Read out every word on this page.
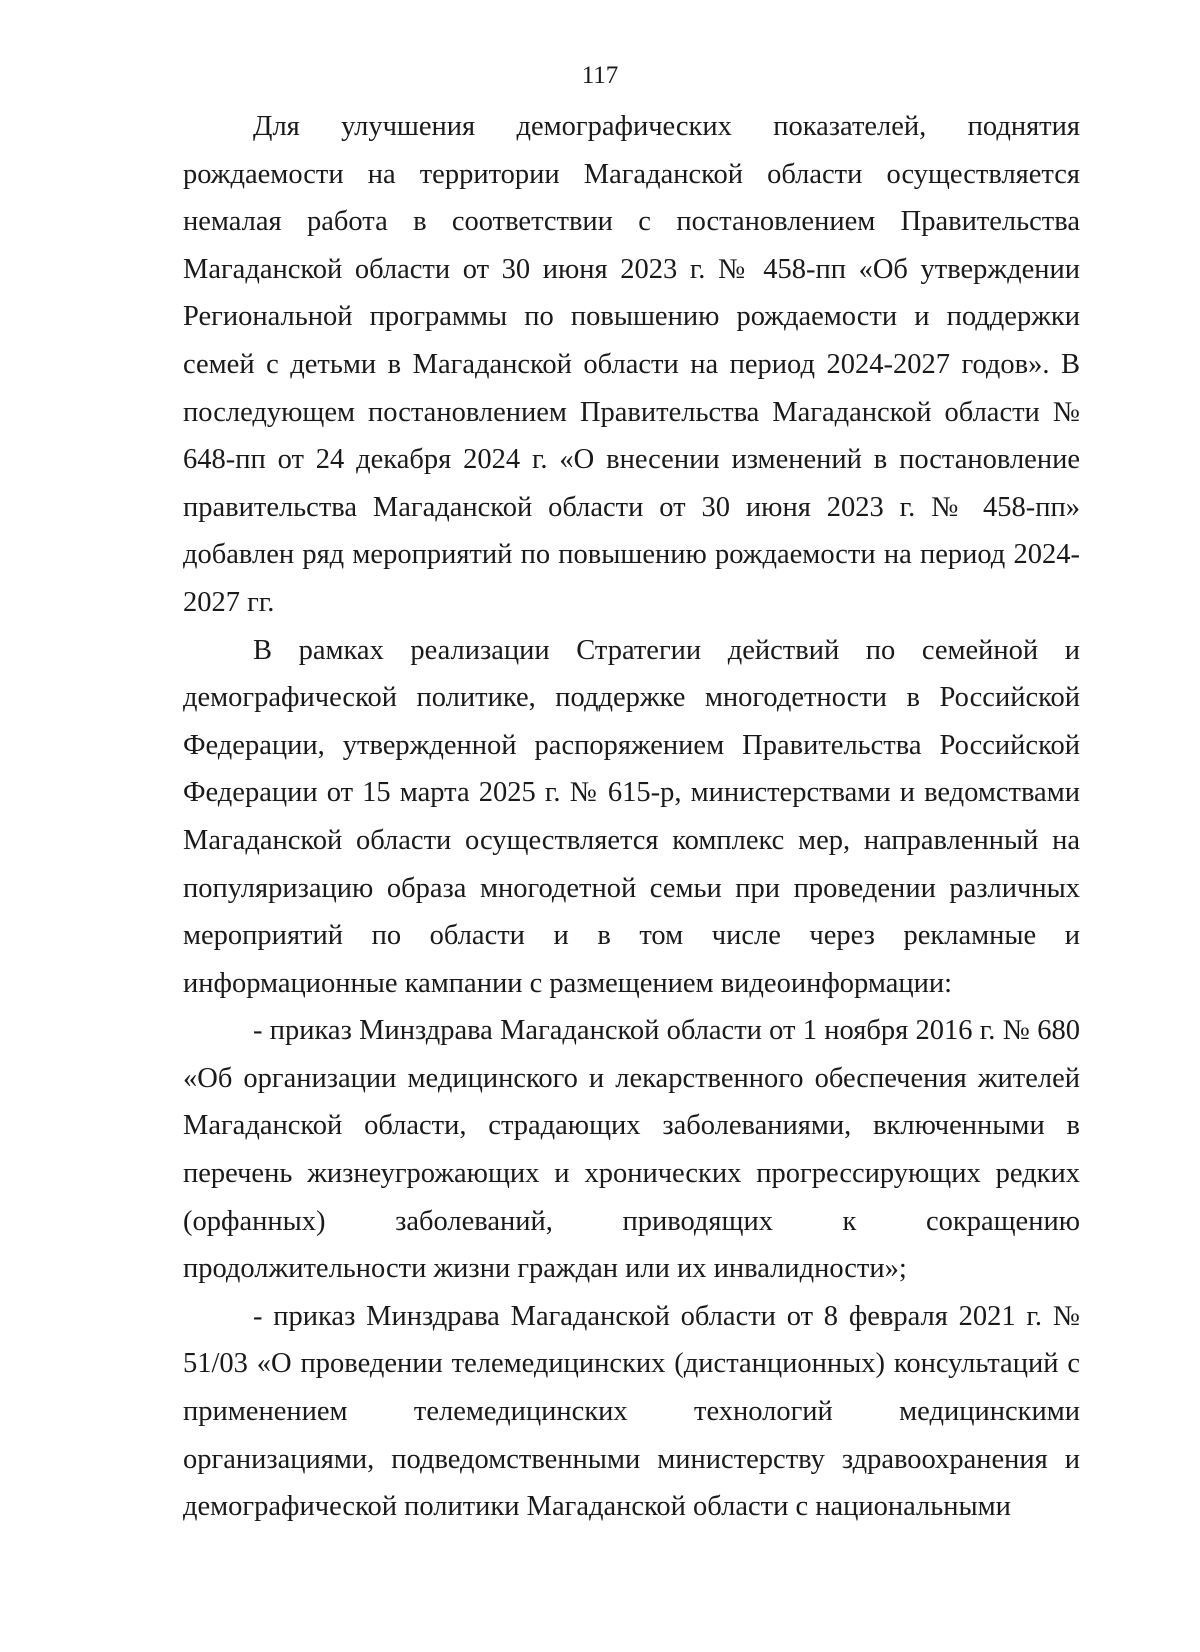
117

Для улучшения демографических показателей, поднятия рождаемости на территории Магаданской области осуществляется немалая работа в соответствии с постановлением Правительства Магаданской области от 30 июня 2023 г. № 458-пп «Об утверждении Региональной программы по повышению рождаемости и поддержки семей с детьми в Магаданской области на период 2024-2027 годов». В последующем постановлением Правительства Магаданской области № 648-пп от 24 декабря 2024 г. «О внесении изменений в постановление правительства Магаданской области от 30 июня 2023 г. № 458-пп» добавлен ряд мероприятий по повышению рождаемости на период 2024-2027 гг.

В рамках реализации Стратегии действий по семейной и демографической политике, поддержке многодетности в Российской Федерации, утвержденной распоряжением Правительства Российской Федерации от 15 марта 2025 г. № 615-р, министерствами и ведомствами Магаданской области осуществляется комплекс мер, направленный на популяризацию образа многодетной семьи при проведении различных мероприятий по области и в том числе через рекламные и информационные кампании с размещением видеоинформации:

- приказ Минздрава Магаданской области от 1 ноября 2016 г. № 680 «Об организации медицинского и лекарственного обеспечения жителей Магаданской области, страдающих заболеваниями, включенными в перечень жизнеугрожающих и хронических прогрессирующих редких (орфанных) заболеваний, приводящих к сокращению продолжительности жизни граждан или их инвалидности»;

- приказ Минздрава Магаданской области от 8 февраля 2021 г. № 51/03 «О проведении телемедицинских (дистанционных) консультаций с применением телемедицинских технологий медицинскими организациями, подведомственными министерству здравоохранения и демографической политики Магаданской области с национальными
